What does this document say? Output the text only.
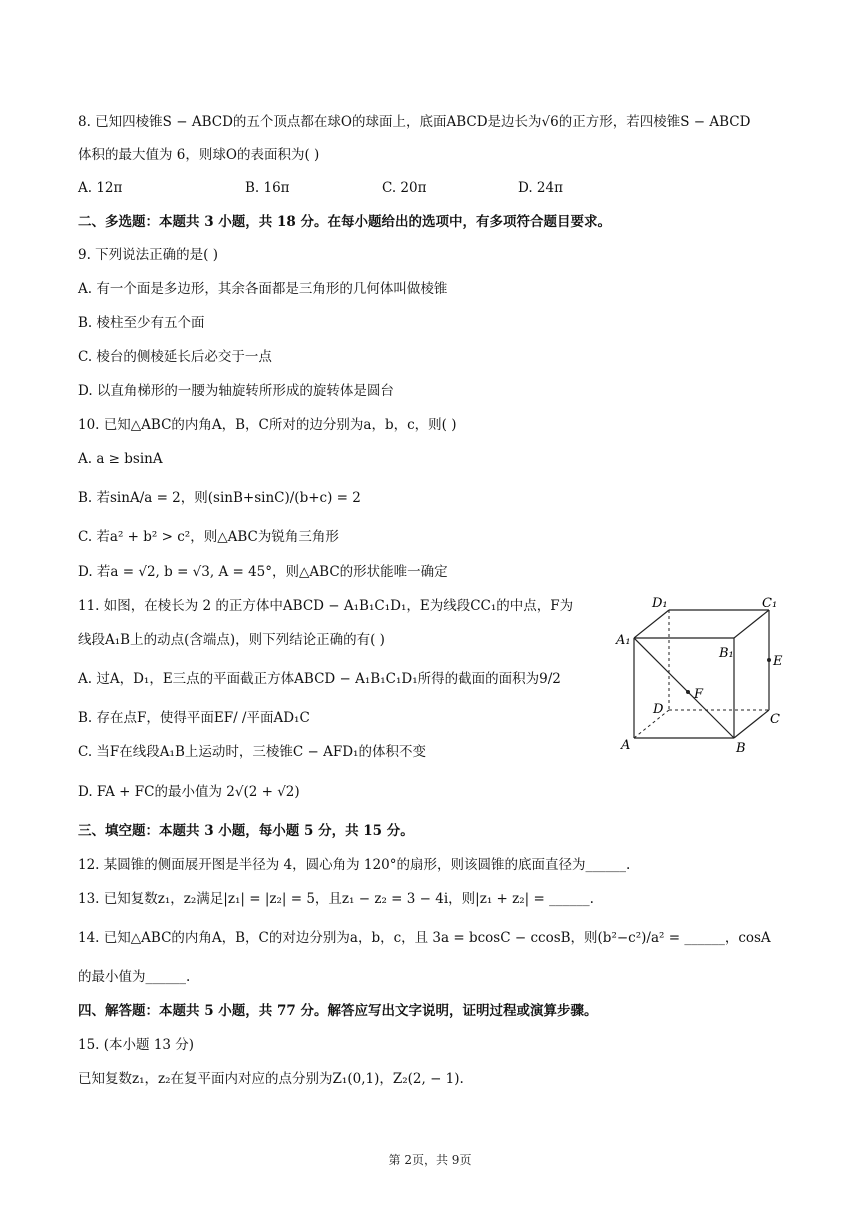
8. 已知四棱锥S − ABCD的五个顶点都在球O的球面上，底面ABCD是边长为√6的正方形，若四棱锥S − ABCD
体积的最大值为 6，则球O的表面积为( )
A. 12π	B. 16π	C. 20π	D. 24π
二、多选题：本题共 3 小题，共 18 分。在每小题给出的选项中，有多项符合题目要求。
9. 下列说法正确的是( )
A. 有一个面是多边形，其余各面都是三角形的几何体叫做棱锥
B. 棱柱至少有五个面
C. 棱台的侧棱延长后必交于一点
D. 以直角梯形的一腰为轴旋转所形成的旋转体是圆台
10. 已知△ABC的内角A，B，C所对的边分别为a，b，c，则( )
A. a ≥ bsinA
B. 若sinA/a = 2，则(sinB+sinC)/(b+c) = 2
C. 若a² + b² > c²，则△ABC为锐角三角形
D. 若a = √2, b = √3, A = 45°，则△ABC的形状能唯一确定
11. 如图，在棱长为 2 的正方体中ABCD − A₁B₁C₁D₁，E为线段CC₁的中点，F为
线段A₁B上的动点(含端点)，则下列结论正确的有( )
A. 过A，D₁，E三点的平面截正方体ABCD − A₁B₁C₁D₁所得的截面的面积为9/2
B. 存在点F，使得平面EF/ /平面AD₁C
C. 当F在线段A₁B上运动时，三棱锥C − AFD₁的体积不变
D. FA + FC的最小值为 2√(2 + √2)
D₁	C₁
A₁
B₁
E
F
D
C
A	B
三、填空题：本题共 3 小题，每小题 5 分，共 15 分。
12. 某圆锥的侧面展开图是半径为 4，圆心角为 120°的扇形，则该圆锥的底面直径为______.
13. 已知复数z₁，z₂满足|z₁| = |z₂| = 5，且z₁ − z₂ = 3 − 4i，则|z₁ + z₂| = ______.
14. 已知△ABC的内角A，B，C的对边分别为a，b，c，且 3a = bcosC − ccosB，则(b²−c²)/a² = ______，cosA
的最小值为______.
四、解答题：本题共 5 小题，共 77 分。解答应写出文字说明，证明过程或演算步骤。
15. (本小题 13 分)
已知复数z₁，z₂在复平面内对应的点分别为Z₁(0,1)，Z₂(2, − 1).
第 2页，共 9页
